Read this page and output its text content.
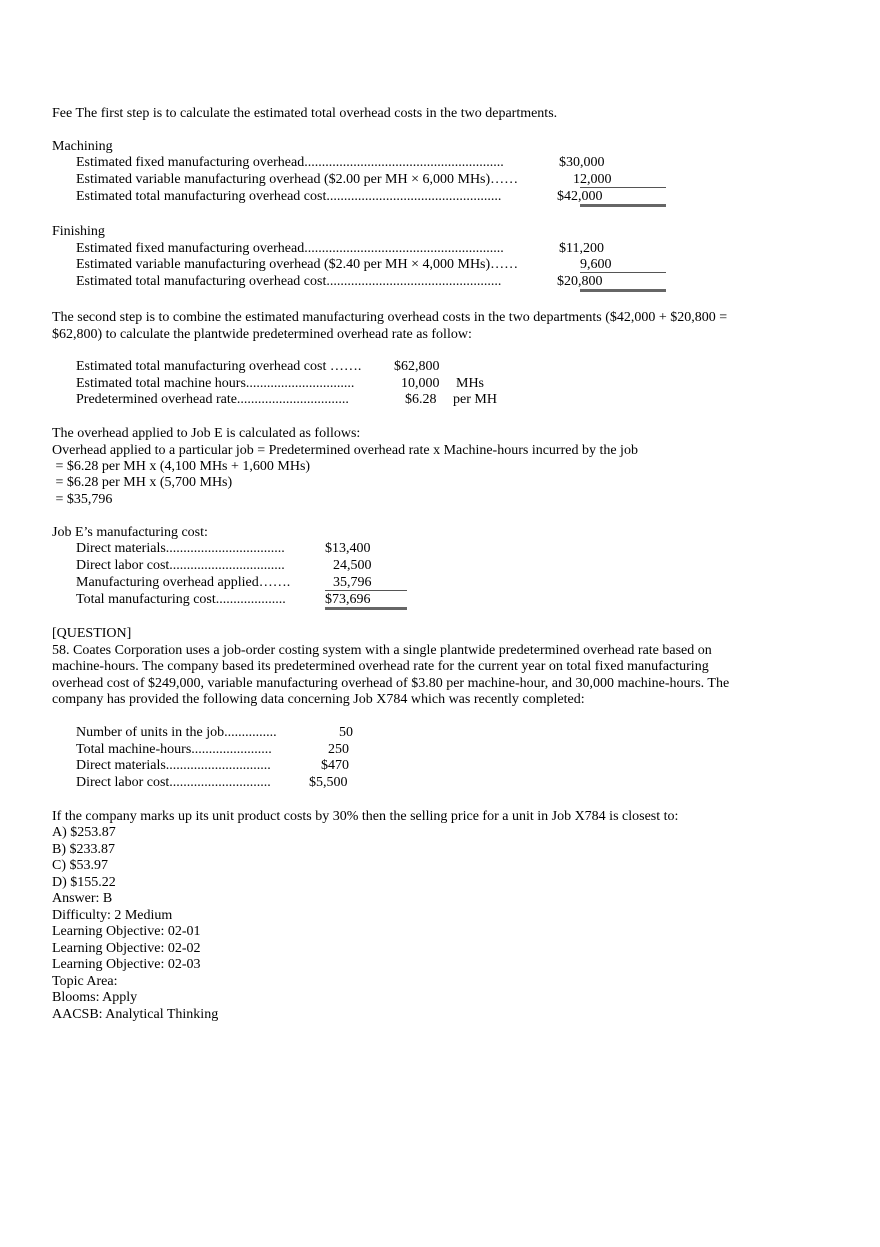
Fee The first step is to calculate the estimated total overhead costs in the two departments.
Machining
Estimated fixed manufacturing overhead.........................................................	$30,000
Estimated variable manufacturing overhead ($2.00 per MH × 6,000 MHs)……	12,000
Estimated total manufacturing overhead cost..................................................	$42,000
Finishing
Estimated fixed manufacturing overhead.........................................................	$11,200
Estimated variable manufacturing overhead ($2.40 per MH × 4,000 MHs)……	9,600
Estimated total manufacturing overhead cost..................................................	$20,800
The second step is to combine the estimated manufacturing overhead costs in the two departments ($42,000 + $20,800 =
$62,800) to calculate the plantwide predetermined overhead rate as follow:
Estimated total manufacturing overhead cost ……. $62,800
Estimated total machine hours...............................	10,000 MHs
Predetermined overhead rate................................	$6.28 per MH
The overhead applied to Job E is calculated as follows:
Overhead applied to a particular job = Predetermined overhead rate x Machine-hours incurred by the job
= $6.28 per MH x (4,100 MHs + 1,600 MHs)
= $6.28 per MH x (5,700 MHs)
= $35,796
Job E’s manufacturing cost:
Direct materials..................................	$13,400
Direct labor cost.................................	24,500
Manufacturing overhead applied…….	35,796
Total manufacturing cost....................	$73,696
[QUESTION]
58. Coates Corporation uses a job-order costing system with a single plantwide predetermined overhead rate based on
machine-hours. The company based its predetermined overhead rate for the current year on total fixed manufacturing
overhead cost of $249,000, variable manufacturing overhead of $3.80 per machine-hour, and 30,000 machine-hours. The
company has provided the following data concerning Job X784 which was recently completed:
Number of units in the job...............	50
Total machine-hours.......................	250
Direct materials..............................	$470
Direct labor cost.............................	$5,500
If the company marks up its unit product costs by 30% then the selling price for a unit in Job X784 is closest to:
A) $253.87
B) $233.87
C) $53.97
D) $155.22
Answer: B
Difficulty: 2 Medium
Learning Objective: 02-01
Learning Objective: 02-02
Learning Objective: 02-03
Topic Area:
Blooms: Apply
AACSB: Analytical Thinking
